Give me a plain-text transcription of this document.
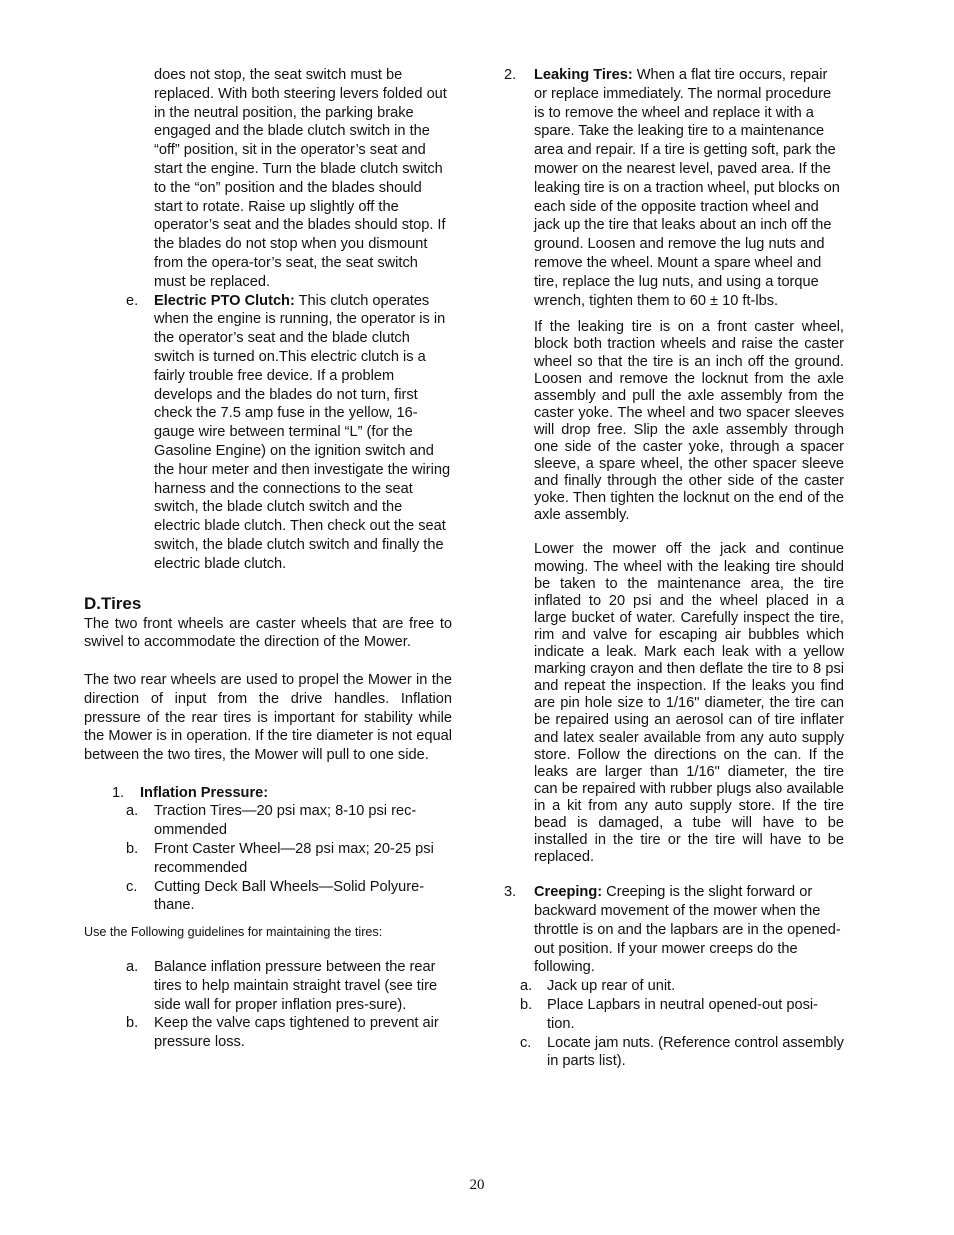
does not stop, the seat switch must be replaced. With both steering levers folded out in the neutral position, the parking brake engaged and the blade clutch switch in the “off” position, sit in the operator’s seat and start the engine. Turn the blade clutch switch to the “on” position and the blades should start to rotate. Raise up slightly off the operator’s seat and the blades should stop. If the blades do not stop when you dismount from the opera-tor’s seat, the seat switch must be replaced.

e. Electric PTO Clutch: This clutch operates when the engine is running, the operator is in the operator’s seat and the blade clutch switch is turned on.This electric clutch is a fairly trouble free device. If a problem develops and the blades do not turn, first check the 7.5 amp fuse in the yellow, 16-gauge wire between terminal “L” (for the Gasoline Engine) on the ignition switch and the hour meter and then investigate the wiring harness and the connections to the seat switch, the blade clutch switch and the electric blade clutch. Then check out the seat switch, the blade clutch switch and finally the electric blade clutch.
D.Tires

The two front wheels are caster wheels that are free to swivel to accommodate the direction of the Mower.

The two rear wheels are used to propel the Mower in the direction of input from the drive handles. Inflation pressure of the rear tires is important for stability while the Mower is in operation. If the tire diameter is not equal between the two tires, the Mower will pull to one side.

1. Inflation Pressure:
a. Traction Tires—20 psi max; 8-10 psi rec-ommended
b. Front Caster Wheel—28 psi max; 20-25 psi recommended
c. Cutting Deck Ball Wheels—Solid Polyure-thane.

Use the Following guidelines for maintaining the tires:

a. Balance inflation pressure between the rear tires to help maintain straight travel (see tire side wall for proper inflation pres-sure).
b. Keep the valve caps tightened to prevent air pressure loss.
2. Leaking Tires: When a flat tire occurs, repair or replace immediately. The normal procedure is to remove the wheel and replace it with a spare. Take the leaking tire to a maintenance area and repair. If a tire is getting soft, park the mower on the nearest level, paved area. If the leaking tire is on a traction wheel, put blocks on each side of the opposite traction wheel and jack up the tire that leaks about an inch off the ground. Loosen and remove the lug nuts and remove the wheel. Mount a spare wheel and tire, replace the lug nuts, and using a torque wrench, tighten them to 60 ± 10 ft-lbs.

If the leaking tire is on a front caster wheel, block both traction wheels and raise the caster wheel so that the tire is an inch off the ground. Loosen and remove the locknut from the axle assembly and pull the axle assembly from the caster yoke. The wheel and two spacer sleeves will drop free. Slip the axle assembly through one side of the caster yoke, through a spacer sleeve, a spare wheel, the other spacer sleeve and finally through the other side of the caster yoke. Then tighten the locknut on the end of the axle assembly.

Lower the mower off the jack and continue mowing. The wheel with the leaking tire should be taken to the maintenance area, the tire inflated to 20 psi and the wheel placed in a large bucket of water. Carefully inspect the tire, rim and valve for escaping air bubbles which indicate a leak. Mark each leak with a yellow marking crayon and then deflate the tire to 8 psi and repeat the inspection. If the leaks you find are pin hole size to 1/16" diameter, the tire can be repaired using an aerosol can of tire inflater and latex sealer available from any auto supply store. Follow the directions on the can. If the leaks are larger than 1/16" diameter, the tire can be repaired with rubber plugs also available in a kit from any auto supply store. If the tire bead is damaged, a tube will have to be installed in the tire or the tire will have to be replaced.

3. Creeping: Creeping is the slight forward or backward movement of the mower when the throttle is on and the lapbars are in the opened-out position. If your mower creeps do the following.
a. Jack up rear of unit.
b. Place Lapbars in neutral opened-out posi-tion.
c. Locate jam nuts. (Reference control assembly in parts list).
20
